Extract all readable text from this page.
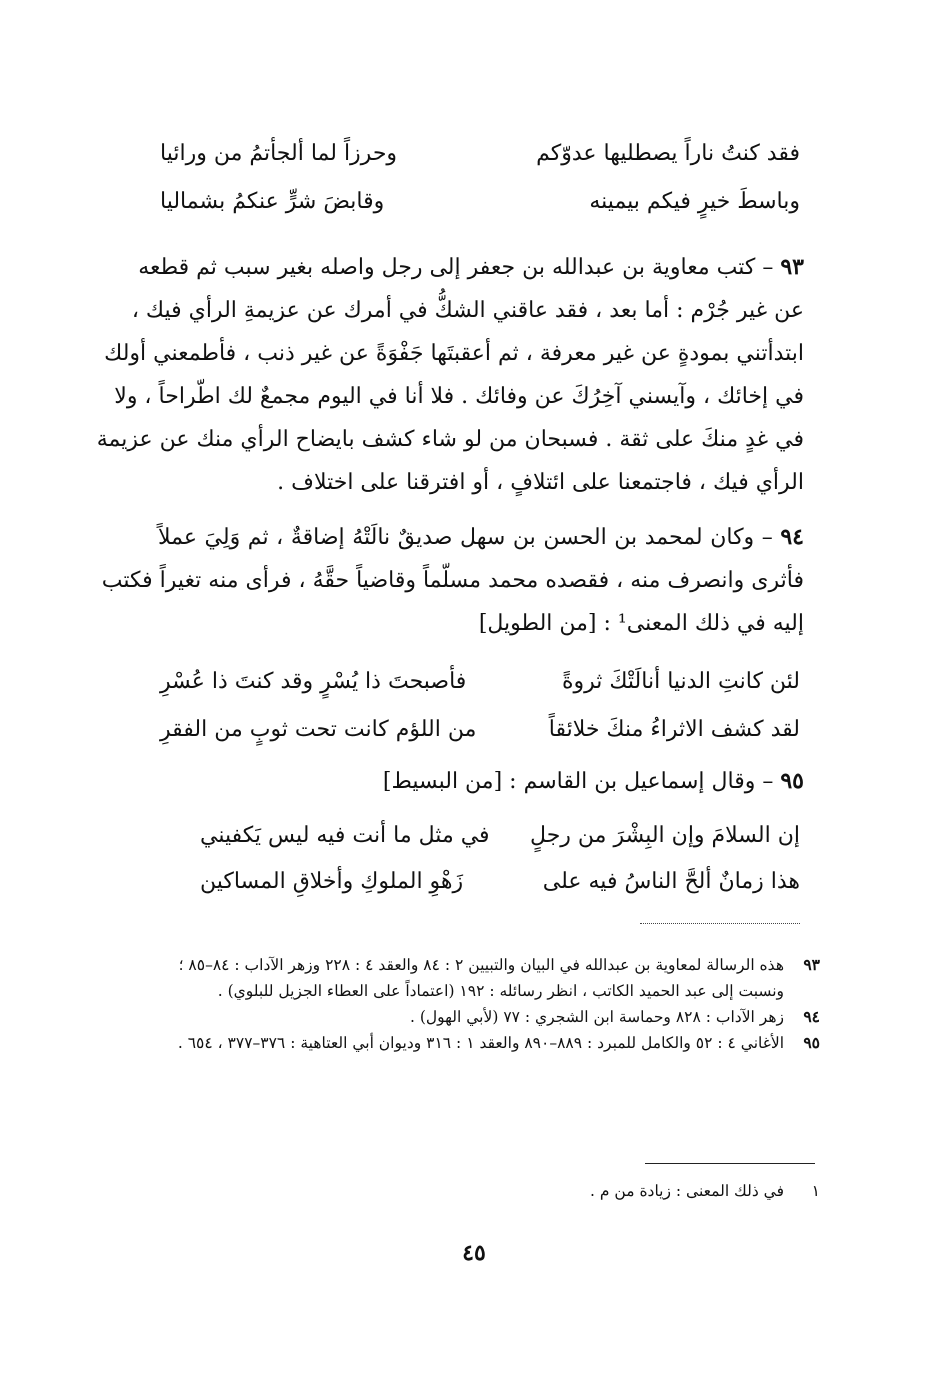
فقد كنتُ ناراً يصطليها عدوّكم
وحرزاً لما ألجأتمُ من ورائيا
وباسطَ خيرٍ فيكم بيمينه
وقابضَ شرٍّ عنكمُ بشماليا
٩٣ – كتب معاوية بن عبدالله بن جعفر إلى رجل واصله بغير سبب ثم قطعه
عن غير جُرْم : أما بعد ، فقد عاقني الشكُّ في أمرك عن عزيمةِ الرأي فيك ،
ابتدأتني بمودةٍ عن غير معرفة ، ثم أعقبتَها جَفْوَةً عن غير ذنب ، فأطمعني أولك
في إخائك ، وآيسني آخِرُكَ عن وفائك . فلا أنا في اليوم مجمعٌ لك اطّراحاً ، ولا
في غدٍ منكَ على ثقة . فسبحان من لو شاء كشف بايضاح الرأي منك عن عزيمة
الرأي فيك ، فاجتمعنا على ائتلافٍ ، أو افترقنا على اختلاف .
٩٤ – وكان لمحمد بن الحسن بن سهل صديقٌ نالَتْهُ إضاقةٌ ، ثم وَلِيَ عملاً
فأثرى وانصرف منه ، فقصده محمد مسلّماً وقاضياً حقَّهُ ، فرأى منه تغيراً فكتب
إليه في ذلك المعنى¹ : [من الطويل]
لئن كانتِ الدنيا أنالَتْكَ ثروةً
فأصبحتَ ذا يُسْرٍ وقد كنتَ ذا عُسْرِ
لقد كشف الاثراءُ منكَ خلائقاً
من اللؤم كانت تحت ثوبٍ من الفقرِ
٩٥ – وقال إسماعيل بن القاسم : [من البسيط]
إن السلامَ وإن البِشْرَ من رجلٍ
في مثل ما أنت فيه ليس يَكفيني
هذا زمانٌ ألحَّ الناسُ فيه على
زَهْوِ الملوكِ وأخلاقِ المساكين
٩٣
هذه الرسالة لمعاوية بن عبدالله في البيان والتبيين ٢ : ٨٤ والعقد ٤ : ٢٢٨ وزهر الآداب : ٨٤–٨٥ ؛ ونسبت إلى عبد الحميد الكاتب ، انظر رسائله : ١٩٢ (اعتماداً على العطاء الجزيل للبلوي) .
٩٤
زهر الآداب : ٨٢٨ وحماسة ابن الشجري : ٧٧ (لأبي الهول) .
٩٥
الأغاني ٤ : ٥٢ والكامل للمبرد : ٨٨٩–٨٩٠ والعقد ١ : ٣١٦ وديوان أبي العتاهية : ٣٧٦–٣٧٧ ، ٦٥٤ .
١
في ذلك المعنى : زيادة من م .
٤٥
